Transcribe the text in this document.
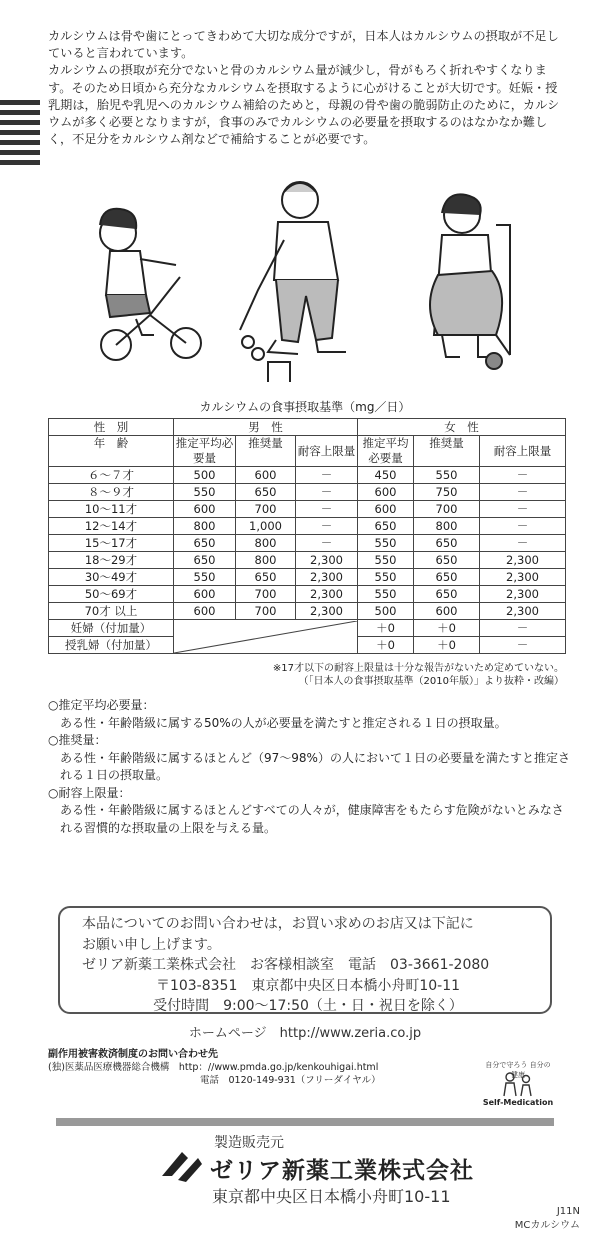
カルシウムは骨や歯にとってきわめて大切な成分ですが，日本人はカルシウムの摂取が不足していると言われています。

カルシウムの摂取が充分でないと骨のカルシウム量が減少し，骨がもろく折れやすくなります。そのため日頃から充分なカルシウムを摂取するように心がけることが大切です。妊娠・授乳期は，胎児や乳児へのカルシウム補給のためと，母親の骨や歯の脆弱防止のために，カルシウムが多く必要となりますが，食事のみでカルシウムの必要量を摂取するのはなかなか難しく，不足分をカルシウム剤などで補給することが必要です。

カルシウムの食事摂取基準（mg／日）
性　別	男　性			女　性		
年　齢	推定平均必要量	推奨量	耐容上限量	推定平均必要量	推奨量	耐容上限量
６～７才	500	600	－	450	550	－
８～９才	550	650	－	600	750	－
10～11才	600	700	－	600	700	－
12～14才	800	1,000	－	650	800	－
15～17才	650	800	－	550	650	－
18～29才	650	800	2,300	550	650	2,300
30～49才	550	650	2,300	550	650	2,300
50～69才	600	700	2,300	550	650	2,300
70才 以上	600	700	2,300	500	600	2,300
妊婦（付加量）				＋0	＋0	－
授乳婦（付加量）				＋0	＋0	－
※17才以下の耐容上限量は十分な報告がないため定めていない。
（「日本人の食事摂取基準（2010年版）」より抜粋・改編）

○推定平均必要量：

ある性・年齢階級に属する50%の人が必要量を満たすと推定される１日の摂取量。

○推奨量：

ある性・年齢階級に属するほとんど（97～98%）の人において１日の必要量を満たすと推定される１日の摂取量。

○耐容上限量：

ある性・年齢階級に属するほとんどすべての人々が，健康障害をもたらす危険がないとみなされる習慣的な摂取量の上限を与える量。

本品についてのお問い合わせは，お買い求めのお店又は下記に
お願い申し上げます。
ゼリア新薬工業株式会社　お客様相談室　電話　03-3661-2080
〒103-8351　東京都中央区日本橋小舟町10-11
受付時間　9:00～17:50（土・日・祝日を除く）
ホームページ　http://www.zeria.co.jp
副作用被害救済制度のお問い合わせ先
(独)医薬品医療機器総合機構　http：//www.pmda.go.jp/kenkouhigai.html
電話　0120-149-931（フリーダイヤル）
自分で守ろう 自分の健康
Self-Medication
製造販売元
ゼリア新薬工業株式会社
東京都中央区日本橋小舟町10-11
J11N
MCカルシウム
